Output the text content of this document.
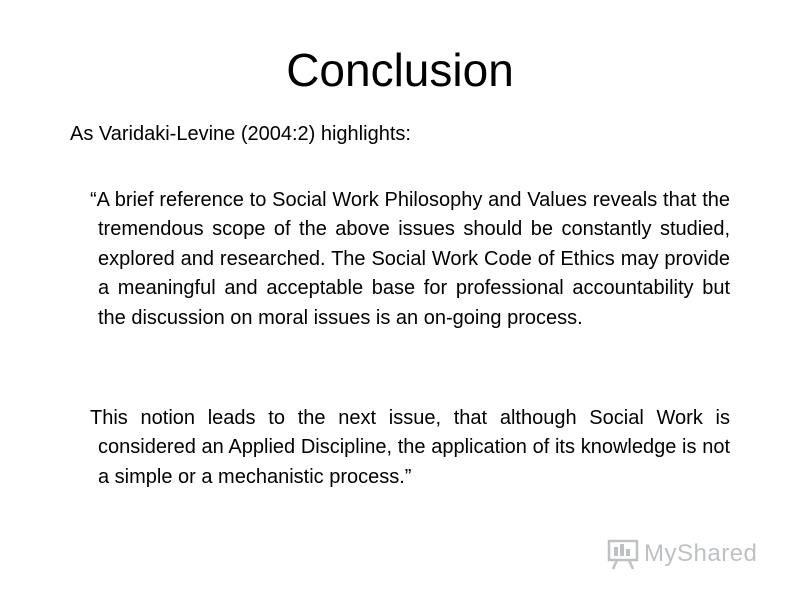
Conclusion

As Varidaki-Levine (2004:2) highlights:

“A brief reference to Social Work Philosophy and Values reveals that the tremendous scope of the above issues should be constantly studied, explored and researched. The Social Work Code of Ethics may provide a meaningful and acceptable base for professional accountability but the discussion on moral issues is an on-going process.

This notion leads to the next issue, that although Social Work is considered an Applied Discipline, the application of its knowledge is not a simple or a mechanistic process.”

MyShared
